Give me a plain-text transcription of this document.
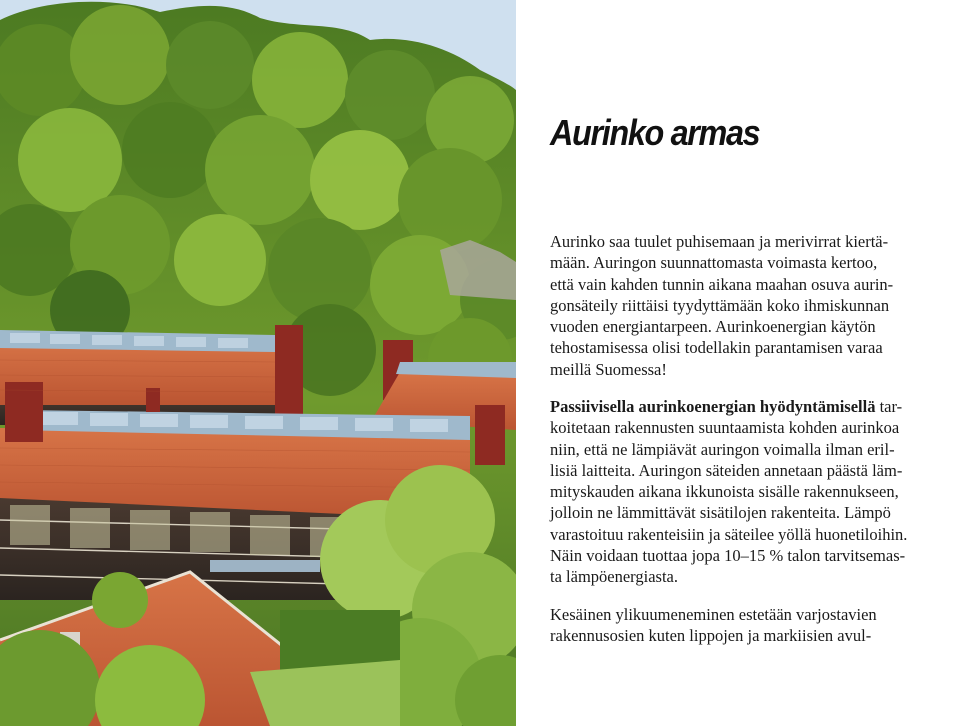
Aurinko armas

Aurinko saa tuulet puhisemaan ja merivirrat kiertä-
mään. Auringon suunnattomasta voimasta kertoo,
että vain kahden tunnin aikana maahan osuva aurin-
gonsäteily riittäisi tyydyttämään koko ihmiskunnan
vuoden energiantarpeen. Aurinkoenergian käytön
tehostamisessa olisi todellakin parantamisen varaa
meillä Suomessa!

Passiivisella aurinkoenergian hyödyntämisellä tar-
koitetaan rakennusten suuntaamista kohden aurinkoa
niin, että ne lämpiävät auringon voimalla ilman eril-
lisiä laitteita. Auringon säteiden annetaan päästä läm-
mityskauden aikana ikkunoista sisälle rakennukseen,
jolloin ne lämmittävät sisätilojen rakenteita. Lämpö
varastoituu rakenteisiin ja säteilee yöllä huonetiloihin.
Näin voidaan tuottaa jopa 10–15 % talon tarvitsemas-
ta lämpöenergiasta.

Kesäinen ylikuumeneminen estetään varjostavien
rakennusosien kuten lippojen ja markiisien avul-
